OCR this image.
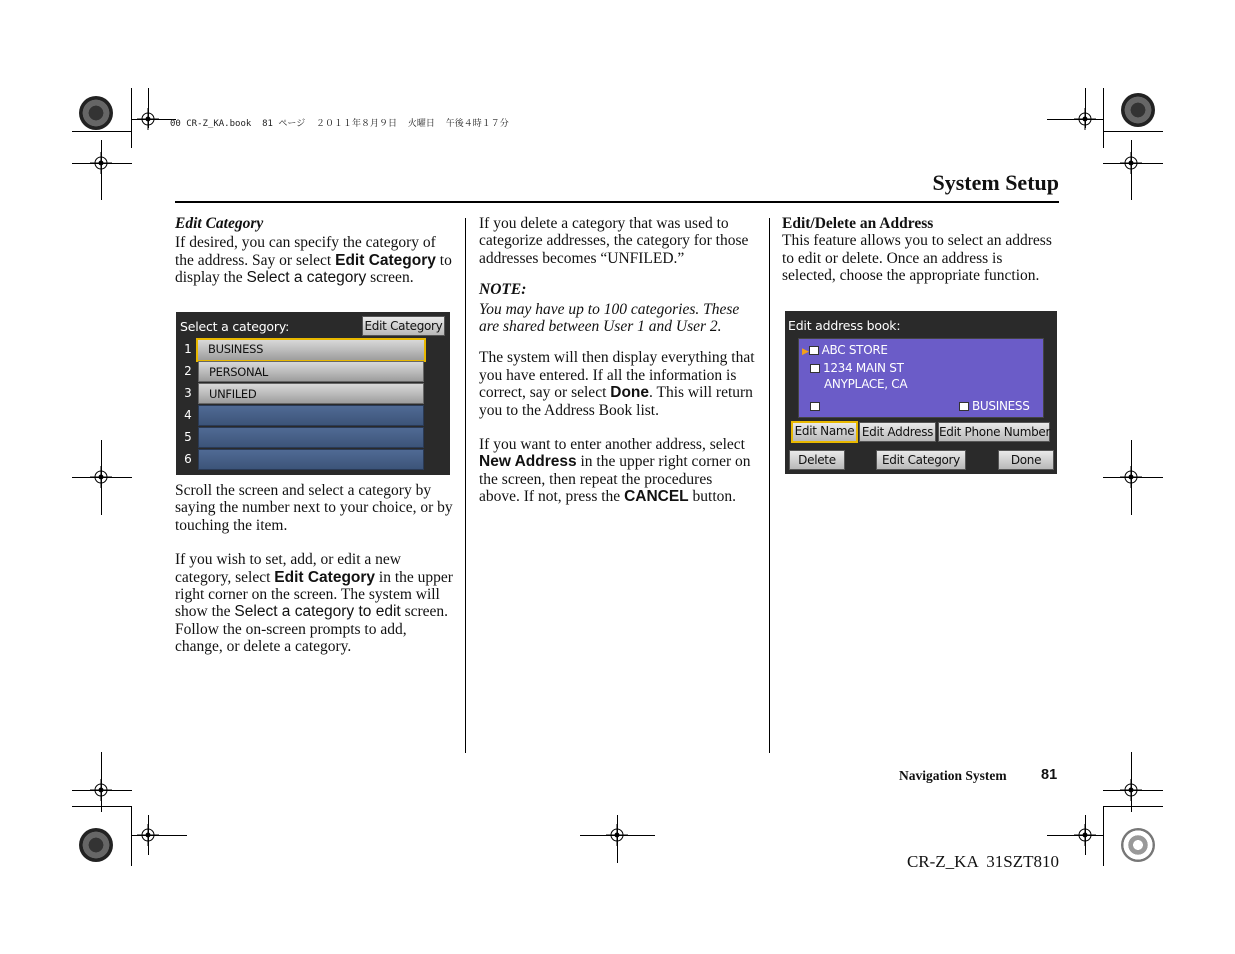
00 CR-Z_KA.book  81 ページ  ２０１１年８月９日  火曜日  午後４時１７分
System Setup
Edit Category

If desired, you can specify the category of the address. Say or select Edit Category to display the Select a category screen.

Select a category:	Edit Category
1	BUSINESS
2	PERSONAL
3	UNFILED
4
5
6

Scroll the screen and select a category by saying the number next to your choice, or by touching the item.

If you wish to set, add, or edit a new category, select Edit Category in the upper right corner on the screen. The system will show the Select a category to edit screen. Follow the on-screen prompts to add, change, or delete a category.

If you delete a category that was used to categorize addresses, the category for those addresses becomes “UNFILED.”

NOTE:

You may have up to 100 categories. These are shared between User 1 and User 2.

The system will then display everything that you have entered. If all the information is correct, say or select Done. This will return you to the Address Book list.

If you want to enter another address, select New Address in the upper right corner on the screen, then repeat the procedures above. If not, press the CANCEL button.

Edit/Delete an Address

This feature allows you to select an address to edit or delete. Once an address is selected, choose the appropriate function.

Edit address book:
▶ ABC STORE
1234 MAIN ST
ANYPLACE, CA
BUSINESS
Edit Name Edit Address Edit Phone Number
Delete	Edit Category	Done
Navigation System 81
CR-Z_KA  31SZT810
